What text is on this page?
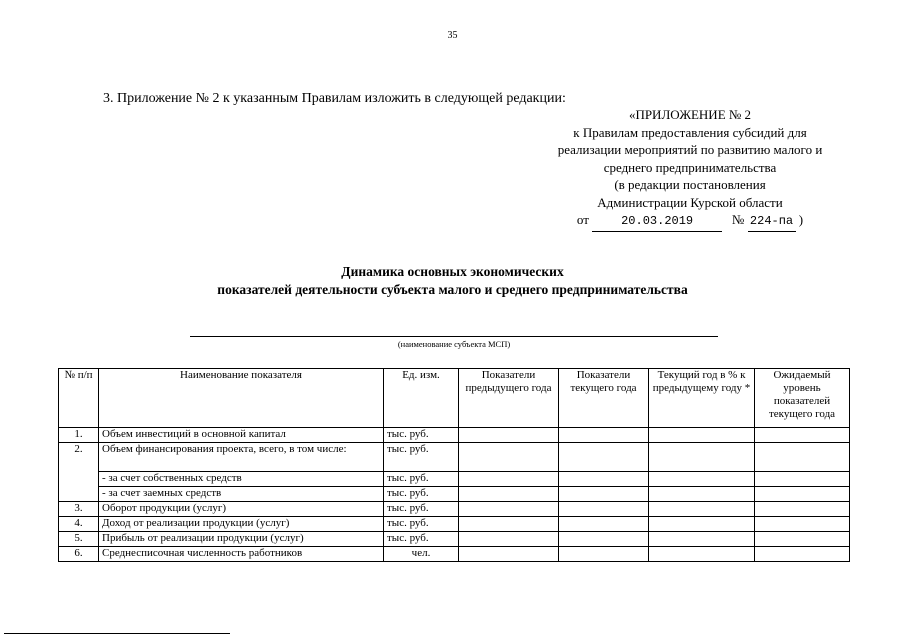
35
3. Приложение № 2 к указанным Правилам изложить в следующей редакции:
«ПРИЛОЖЕНИЕ № 2
к Правилам предоставления субсидий для
реализации мероприятий по развитию малого и
среднего предпринимательства
(в редакции постановления
Администрации Курской области
от	20.03.2019	№ 224-па )
Динамика основных экономических
показателей деятельности субъекта малого и среднего предпринимательства
(наименование субъекта МСП)
№ п/п	Наименование показателя	Ед. изм.	Показатели предыдущего года	Показатели текущего года	Текущий год в % к предыдущему году *	Ожидаемый уровень показателей текущего года
1.	Объем инвестиций в основной капитал	тыс. руб.				
2.	Объем финансирования проекта, всего, в том числе:	тыс. руб.				
	- за счет собственных средств	тыс. руб.				
	- за счет заемных средств	тыс. руб.				
3.	Оборот продукции (услуг)	тыс. руб.				
4.	Доход от реализации продукции (услуг)	тыс. руб.				
5.	Прибыль от реализации продукции (услуг)	тыс. руб.				
6.	Среднесписочная численность работников	чел.				
